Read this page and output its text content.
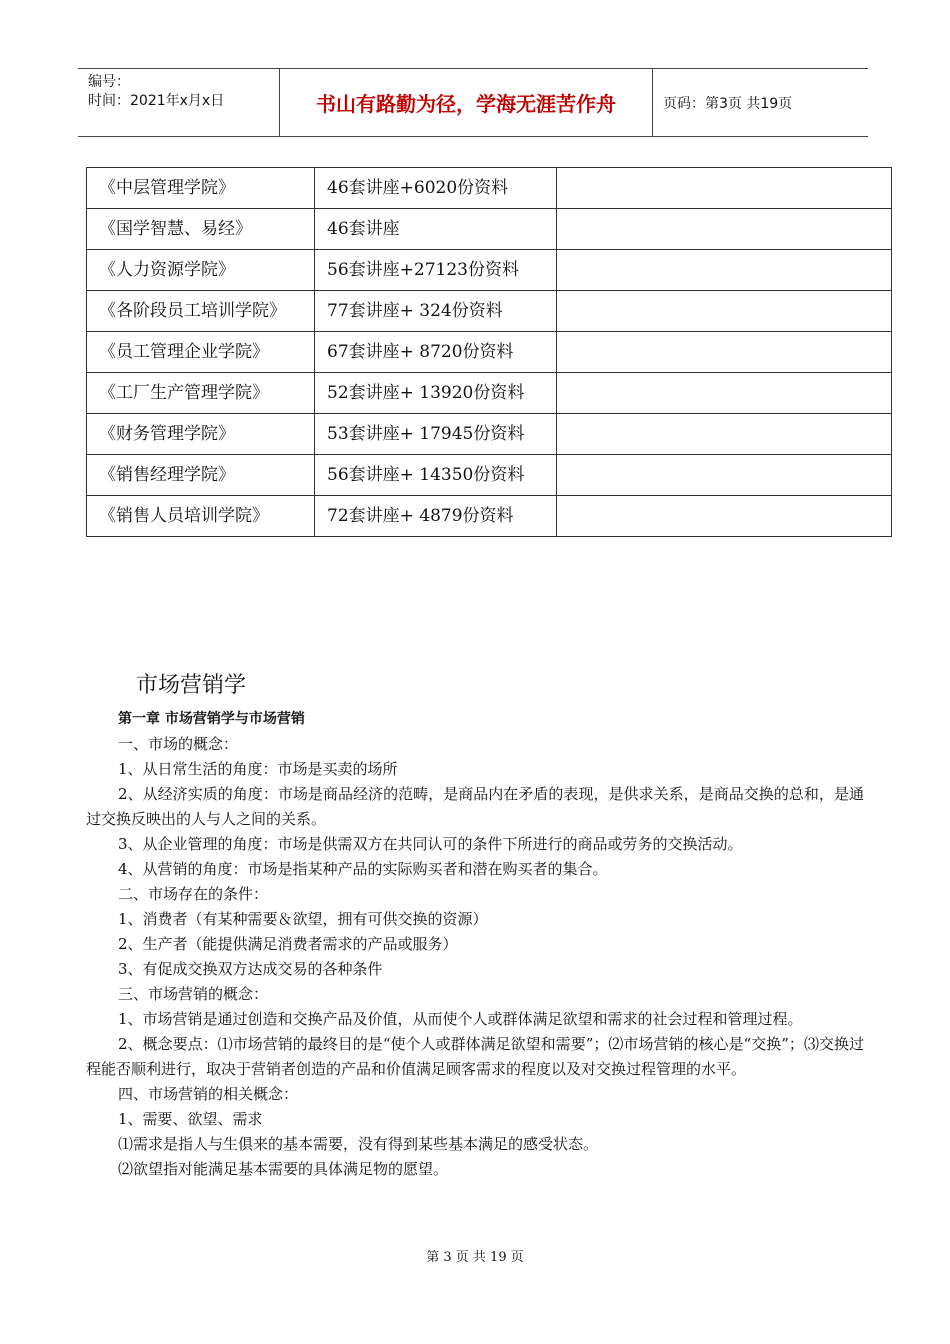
编号：
时间：2021年x月x日	书山有路勤为径，学海无涯苦作舟	页码：第3页 共19页
《中层管理学院》	46套讲座+6020份资料	
《国学智慧、易经》	46套讲座	
《人力资源学院》	56套讲座+27123份资料	
《各阶段员工培训学院》	77套讲座+ 324份资料	
《员工管理企业学院》	67套讲座+ 8720份资料	
《工厂生产管理学院》	52套讲座+ 13920份资料	
《财务管理学院》	53套讲座+ 17945份资料	
《销售经理学院》	56套讲座+ 14350份资料	
《销售人员培训学院》	72套讲座+ 4879份资料	
市场营销学

第一章 市场营销学与市场营销

一、市场的概念：

1、从日常生活的角度：市场是买卖的场所

2、从经济实质的角度：市场是商品经济的范畴，是商品内在矛盾的表现，是供求关系，是商品交换的总和，是通过交换反映出的人与人之间的关系。

3、从企业管理的角度：市场是供需双方在共同认可的条件下所进行的商品或劳务的交换活动。

4、从营销的角度：市场是指某种产品的实际购买者和潜在购买者的集合。

二、市场存在的条件：

1、消费者（有某种需要＆欲望，拥有可供交换的资源）

2、生产者（能提供满足消费者需求的产品或服务）

3、有促成交换双方达成交易的各种条件

三、市场营销的概念：

1、市场营销是通过创造和交换产品及价值，从而使个人或群体满足欲望和需求的社会过程和管理过程。

2、概念要点：⑴市场营销的最终目的是“使个人或群体满足欲望和需要”；⑵市场营销的核心是“交换”；⑶交换过程能否顺利进行，取决于营销者创造的产品和价值满足顾客需求的程度以及对交换过程管理的水平。

四、市场营销的相关概念：

1、需要、欲望、需求

⑴需求是指人与生俱来的基本需要，没有得到某些基本满足的感受状态。

⑵欲望指对能满足基本需要的具体满足物的愿望。

第 3 页 共 19 页
